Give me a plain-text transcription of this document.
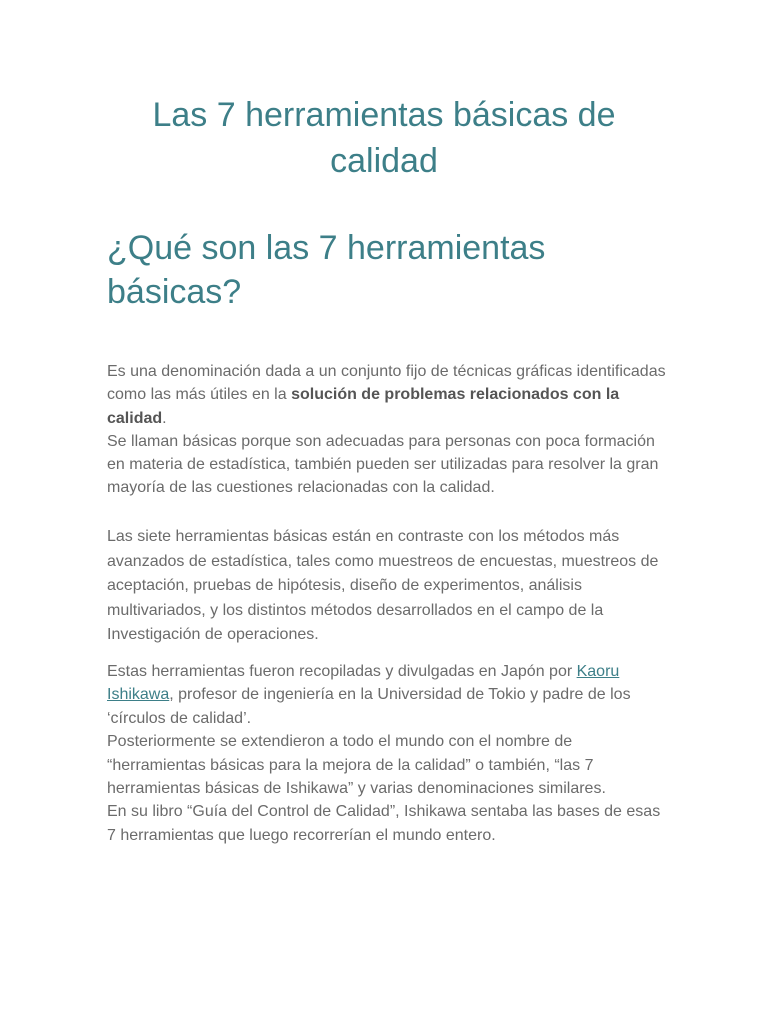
Las 7 herramientas básicas de calidad
¿Qué son las 7 herramientas básicas?

Es una denominación dada a un conjunto fijo de técnicas gráficas identificadas como las más útiles en la solución de problemas relacionados con la calidad.
Se llaman básicas porque son adecuadas para personas con poca formación en materia de estadística, también pueden ser utilizadas para resolver la gran mayoría de las cuestiones relacionadas con la calidad.

Las siete herramientas básicas están en contraste con los métodos más avanzados de estadística, tales como muestreos de encuestas, muestreos de aceptación, pruebas de hipótesis, diseño de experimentos, análisis multivariados, y los distintos métodos desarrollados en el campo de la Investigación de operaciones.

Estas herramientas fueron recopiladas y divulgadas en Japón por Kaoru Ishikawa, profesor de ingeniería en la Universidad de Tokio y padre de los ‘círculos de calidad’.
Posteriormente se extendieron a todo el mundo con el nombre de “herramientas básicas para la mejora de la calidad” o también, “las 7 herramientas básicas de Ishikawa” y varias denominaciones similares.
En su libro “Guía del Control de Calidad”, Ishikawa sentaba las bases de esas 7 herramientas que luego recorrerían el mundo entero.
